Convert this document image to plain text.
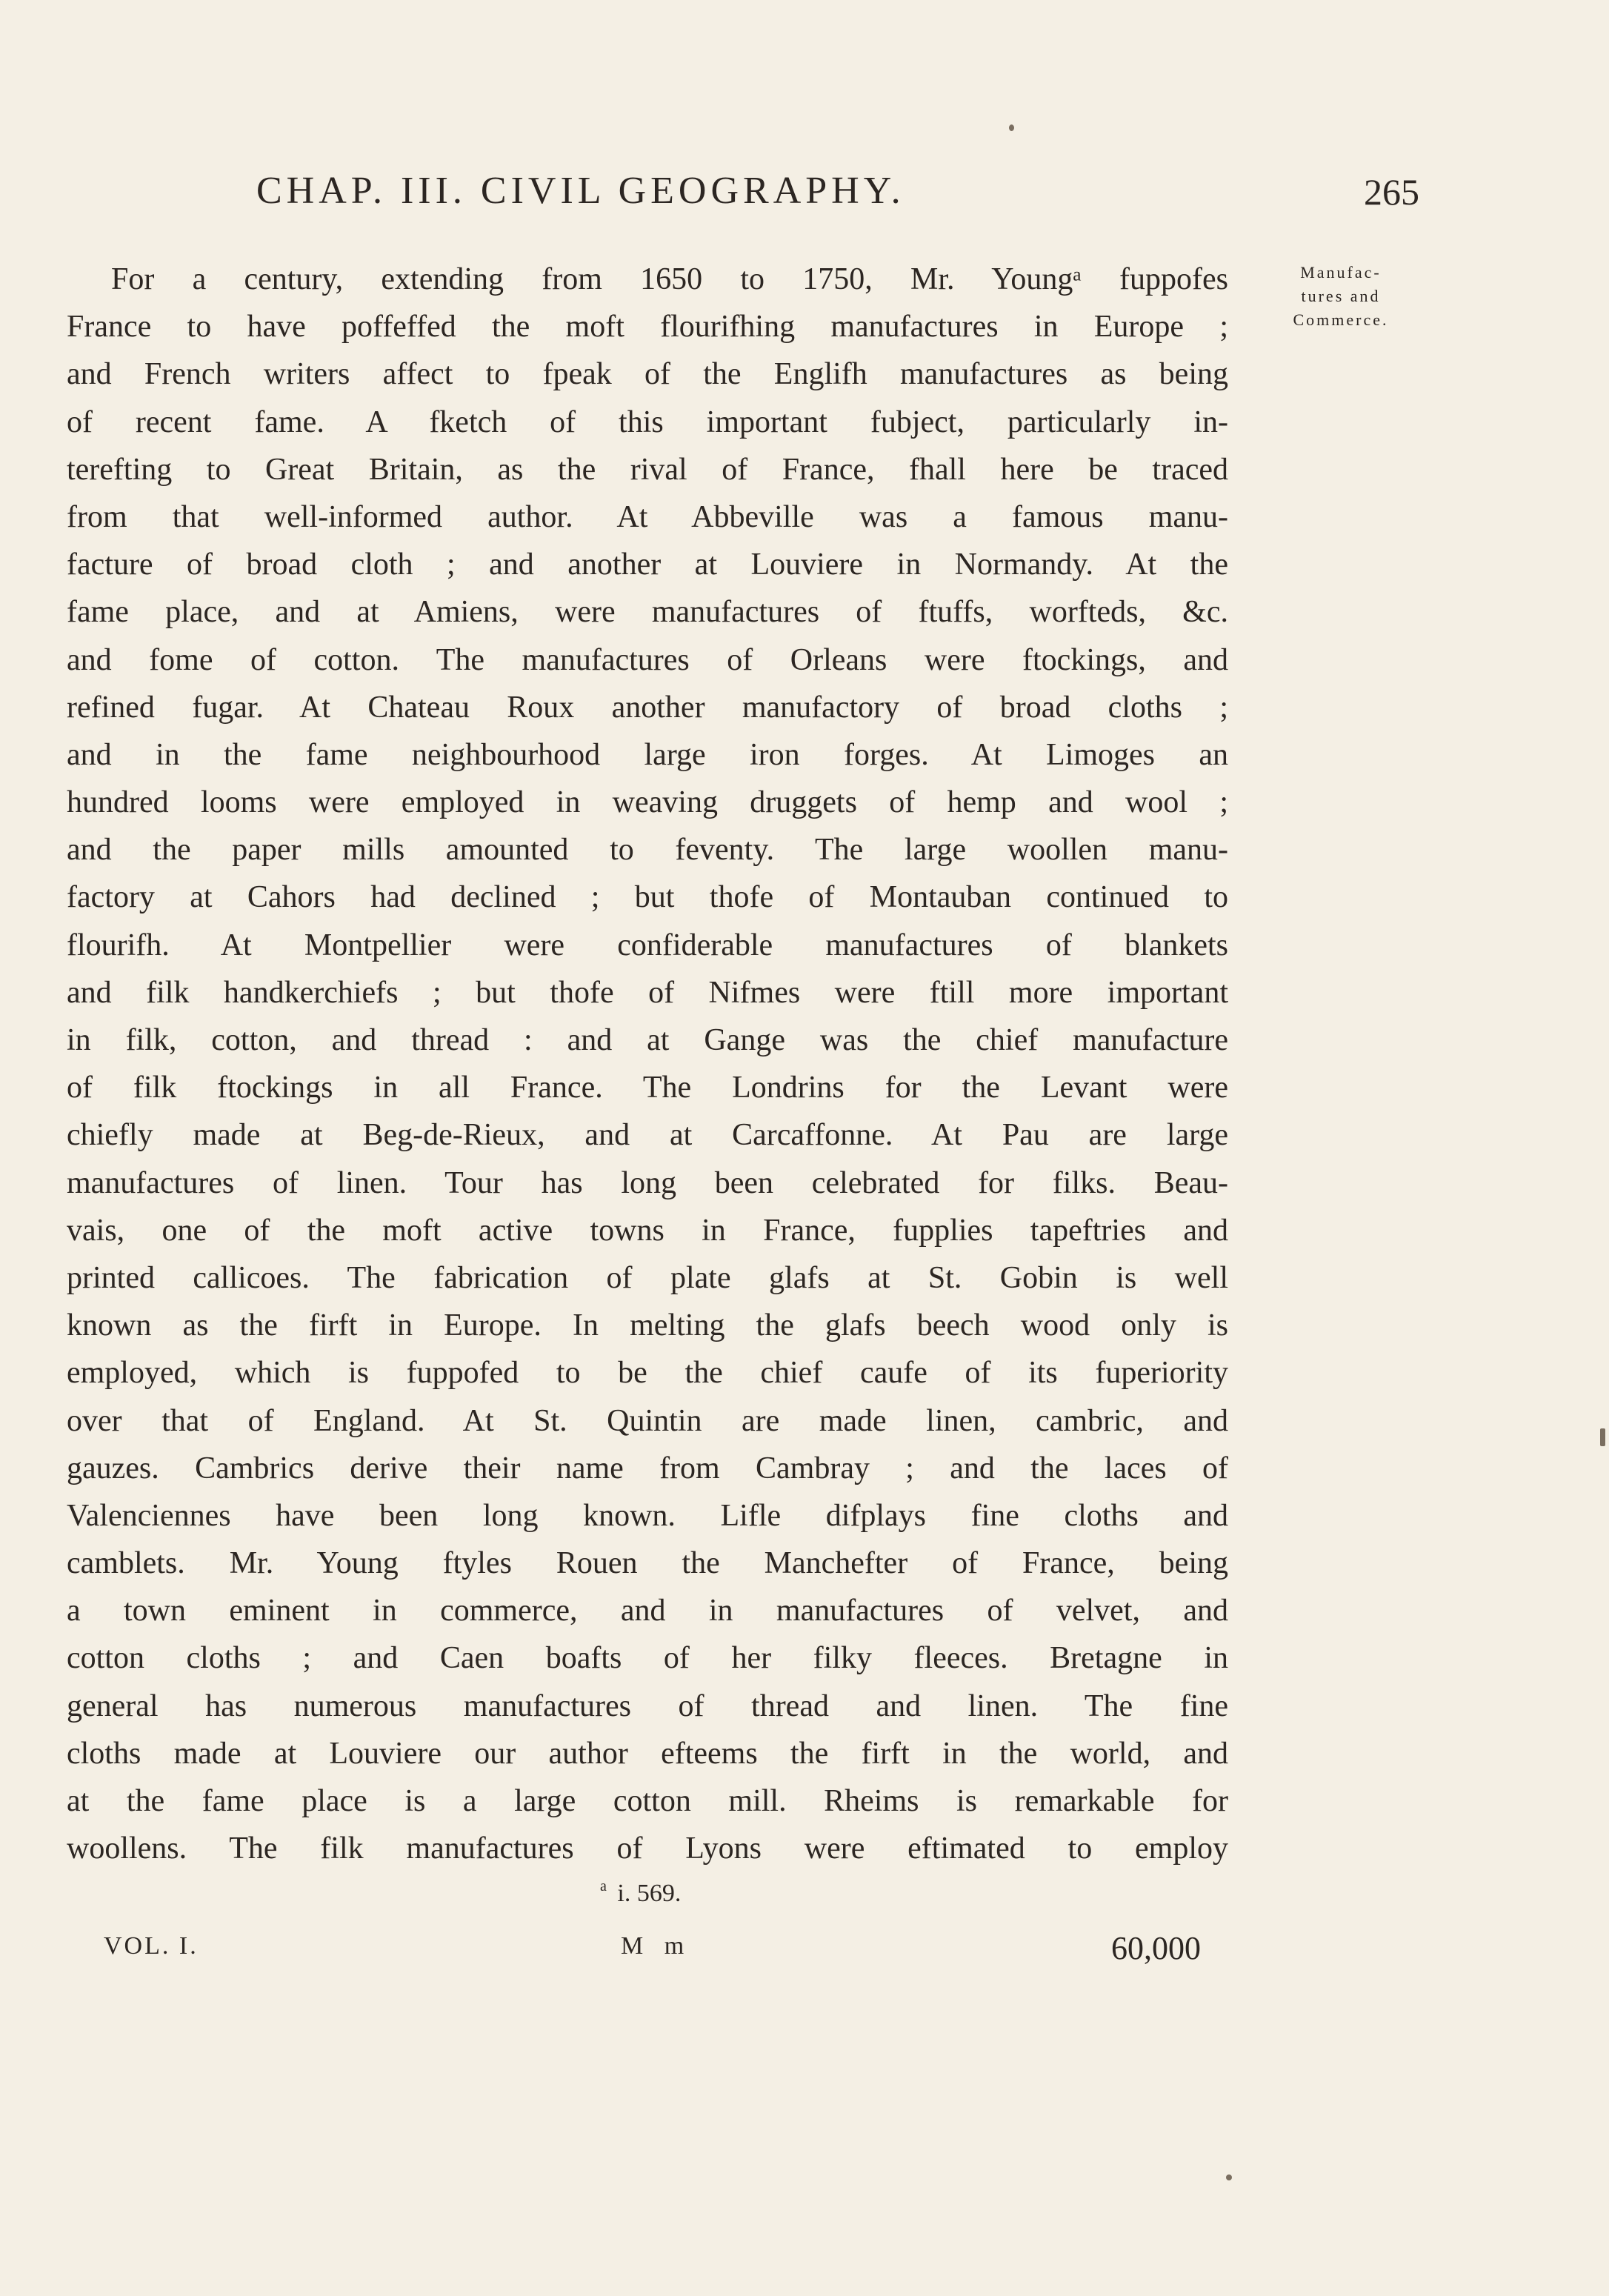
CHAP. III. CIVIL GEOGRAPHY.	265
Manufac-
tures and
Commerce.
For a century, extending from 1650 to 1750, Mr. Youngᵃ fuppofes
France to have poffeffed the moft flourifhing manufactures in Europe ;
and French writers affect to fpeak of the Englifh manufactures as being
of recent fame. A fketch of this important fubject, particularly in-
terefting to Great Britain, as the rival of France, fhall here be traced
from that well-informed author. At Abbeville was a famous manu-
facture of broad cloth ; and another at Louviere in Normandy. At the
fame place, and at Amiens, were manufactures of ftuffs, worfteds, &c.
and fome of cotton. The manufactures of Orleans were ftockings, and
refined fugar. At Chateau Roux another manufactory of broad cloths ;
and in the fame neighbourhood large iron forges. At Limoges an
hundred looms were employed in weaving druggets of hemp and wool ;
and the paper mills amounted to feventy. The large woollen manu-
factory at Cahors had declined ; but thofe of Montauban continued to
flourifh. At Montpellier were confiderable manufactures of blankets
and filk handkerchiefs ; but thofe of Nifmes were ftill more important
in filk, cotton, and thread : and at Gange was the chief manufacture
of filk ftockings in all France. The Londrins for the Levant were
chiefly made at Beg-de-Rieux, and at Carcaffonne. At Pau are large
manufactures of linen. Tour has long been celebrated for filks. Beau-
vais, one of the moft active towns in France, fupplies tapeftries and
printed callicoes. The fabrication of plate glafs at St. Gobin is well
known as the firft in Europe. In melting the glafs beech wood only is
employed, which is fuppofed to be the chief caufe of its fuperiority
over that of England. At St. Quintin are made linen, cambric, and
gauzes. Cambrics derive their name from Cambray ; and the laces of
Valenciennes have been long known. Lifle difplays fine cloths and
camblets. Mr. Young ftyles Rouen the Manchefter of France, being
a town eminent in commerce, and in manufactures of velvet, and
cotton cloths ; and Caen boafts of her filky fleeces. Bretagne in
general has numerous manufactures of thread and linen. The fine
cloths made at Louviere our author efteems the firft in the world, and
at the fame place is a large cotton mill. Rheims is remarkable for
woollens. The filk manufactures of Lyons were eftimated to employ
$^a$ i. 569.
VOL. I.	M m	60,000
